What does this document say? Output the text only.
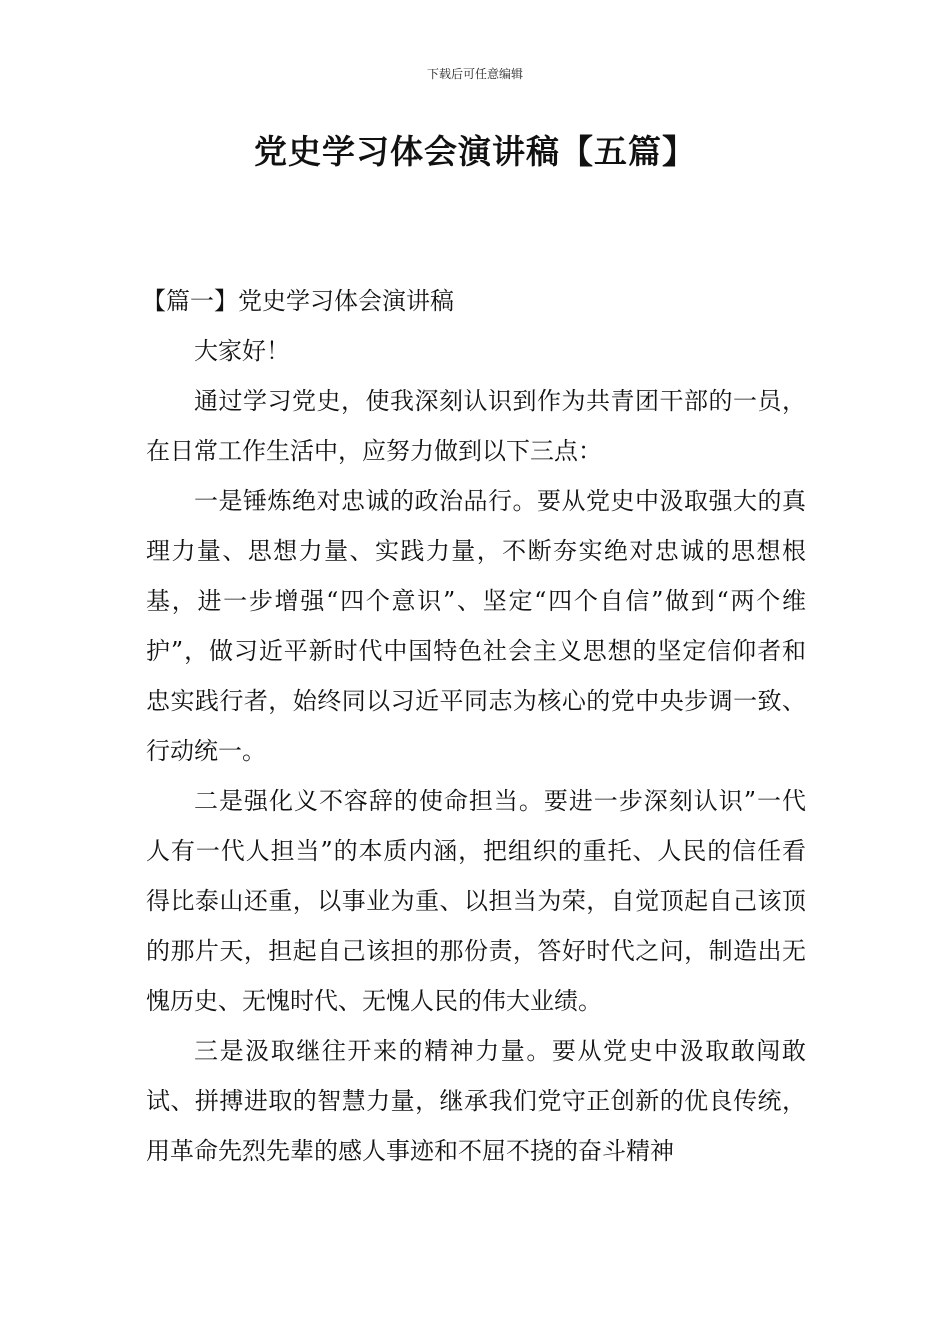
下载后可任意编辑
党史学习体会演讲稿【五篇】

【篇一】党史学习体会演讲稿

大家好！

通过学习党史，使我深刻认识到作为共青团干部的一员，在日常工作生活中，应努力做到以下三点：

一是锤炼绝对忠诚的政治品行。要从党史中汲取强大的真理力量、思想力量、实践力量，不断夯实绝对忠诚的思想根基，进一步增强“四个意识”、坚定“四个自信”做到“两个维护”，做习近平新时代中国特色社会主义思想的坚定信仰者和忠实践行者，始终同以习近平同志为核心的党中央步调一致、行动统一。

二是强化义不容辞的使命担当。要进一步深刻认识”一代人有一代人担当”的本质内涵，把组织的重托、人民的信任看得比泰山还重，以事业为重、以担当为荣，自觉顶起自己该顶的那片天，担起自己该担的那份责，答好时代之问，制造出无愧历史、无愧时代、无愧人民的伟大业绩。

三是汲取继往开来的精神力量。要从党史中汲取敢闯敢试、拼搏进取的智慧力量，继承我们党守正创新的优良传统，用革命先烈先辈的感人事迹和不屈不挠的奋斗精神
